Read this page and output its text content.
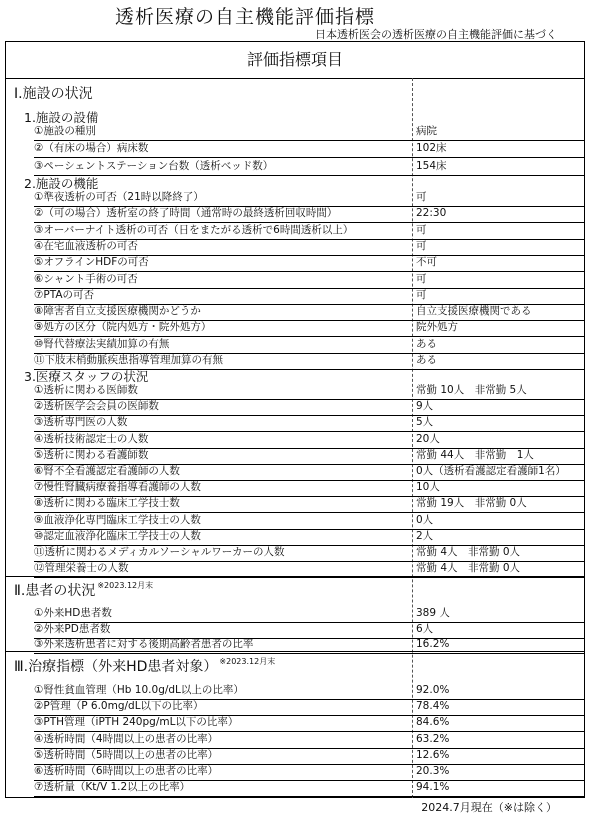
透析医療の自主機能評価指標
日本透析医会の透析医療の自主機能評価に基づく
評価指標項目
Ⅰ.施設の状況
1.施設の設備
①施設の種別	病院
②（有床の場合）病床数	102床
③ペーシェントステーション台数（透析ベッド数）	154床
2.施設の機能
①準夜透析の可否（21時以降終了）	可
②（可の場合）透析室の終了時間（通常時の最終透析回収時間）	22:30
③オーバーナイト透析の可否（日をまたがる透析で6時間透析以上）	可
④在宅血液透析の可否	可
⑤オフラインHDFの可否	不可
⑥シャント手術の可否	可
⑦PTAの可否	可
⑧障害者自立支援医療機関かどうか	自立支援医療機関である
⑨処方の区分（院内処方・院外処方）	院外処方
⑩腎代替療法実績加算の有無	ある
⑪下肢末梢動脈疾患指導管理加算の有無	ある
3.医療スタッフの状況
①透析に関わる医師数	常勤 10人　非常勤 5人
②透析医学会会員の医師数	9人
③透析専門医の人数	5人
④透析技術認定士の人数	20人
⑤透析に関わる看護師数	常勤 44人　非常勤　1人
⑥腎不全看護認定看護師の人数	0人（透析看護認定看護師1名）
⑦慢性腎臓病療養指導看護師の人数	10人
⑧透析に関わる臨床工学技士数	常勤 19人　非常勤 0人
⑨血液浄化専門臨床工学技士の人数	0人
⑩認定血液浄化臨床工学技士の人数	2人
⑪透析に関わるメディカルソーシャルワーカーの人数	常勤 4人　非常勤 0人
⑫管理栄養士の人数	常勤 4人　非常勤 0人
Ⅱ.患者の状況 $^{※2023.12月末}$
①外来HD患者数	389 人
②外来PD患者数	6人
③外来透析患者に対する後期高齢者患者の比率	16.2%
Ⅲ.治療指標（外来HD患者対象） $^{※2023.12月末}$
①腎性貧血管理（Hb 10.0g/dL以上の比率）	92.0%
②P管理（P 6.0mg/dL以下の比率）	78.4%
③PTH管理（iPTH 240pg/mL以下の比率）	84.6%
④透析時間（4時間以上の患者の比率）	63.2%
⑤透析時間（5時間以上の患者の比率）	12.6%
⑥透析時間（6時間以上の患者の比率）	20.3%
⑦透析量（Kt/V 1.2以上の比率）	94.1%
2024.7月現在（※は除く）
